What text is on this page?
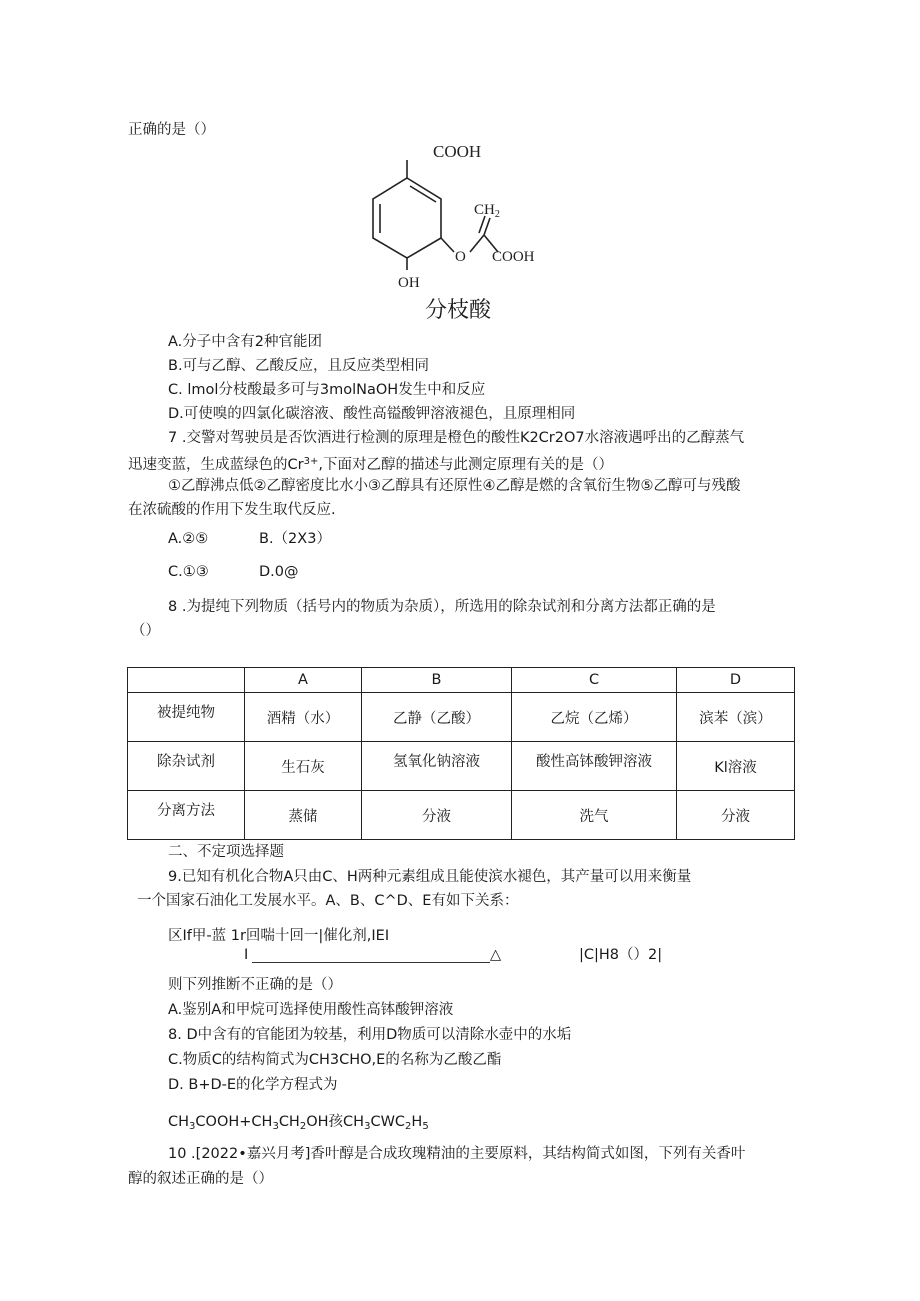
正确的是（）
COOH
$CH_2$
O COOH
OH
分枝酸
A.分子中含有2种官能团
B.可与乙醇、乙酸反应，且反应类型相同
C. lmol分枝酸最多可与3molNaOH发生中和反应
D.可使嗅的四氯化碳溶液、酸性高镒酸钾溶液褪色，且原理相同
7 .交警对驾驶员是否饮酒进行检测的原理是橙色的酸性K2Cr2O7水溶液遇呼出的乙醇蒸气
迅速变蓝，生成蓝绿色的$Cr^{3+}$,下面对乙醇的描述与此测定原理有关的是（）
①乙醇沸点低②乙醇密度比水小③乙醇具有还原性④乙醇是燃的含氧衍生物⑤乙醇可与残酸
在浓硫酸的作用下发生取代反应.
A.②⑤	B.（2X3）
C.①③	D.0@
8 .为提纯下列物质（括号内的物质为杂质），所选用的除杂试剂和分离方法都正确的是
（）
	A	B	C	D
被提纯物	酒精（水）	乙静（乙酸）	乙烷（乙烯）	滨苯（滨）
除杂试剂	生石灰	氢氧化钠溶液	酸性高钵酸钾溶液	Kl溶液
分离方法	蒸储	分液	洗气	分液
二、不定项选择题
9.已知有机化合物A只由C、H两种元素组成且能使滨水褪色，其产量可以用来衡量
一个国家石油化工发展水平。A、B、C^D、E有如下关系：
区If甲-蓝 1r回喘十回一|催化剂,IEI
I	△	|C|H8（）2|
则下列推断不正确的是（）
A.鉴别A和甲烷可选择使用酸性高钵酸钾溶液
8. D中含有的官能团为较基，利用D物质可以清除水壶中的水垢
C.物质C的结构简式为CH3CHO,E的名称为乙酸乙酯
D. B+D-E的化学方程式为
$CH_3COOH+CH_3CH_2OH$孩$CH_3CWC_2H_5$
10 .[2022•嘉兴月考]香叶醇是合成玫瑰精油的主要原料，其结构简式如图，下列有关香叶
醇的叙述正确的是（）
